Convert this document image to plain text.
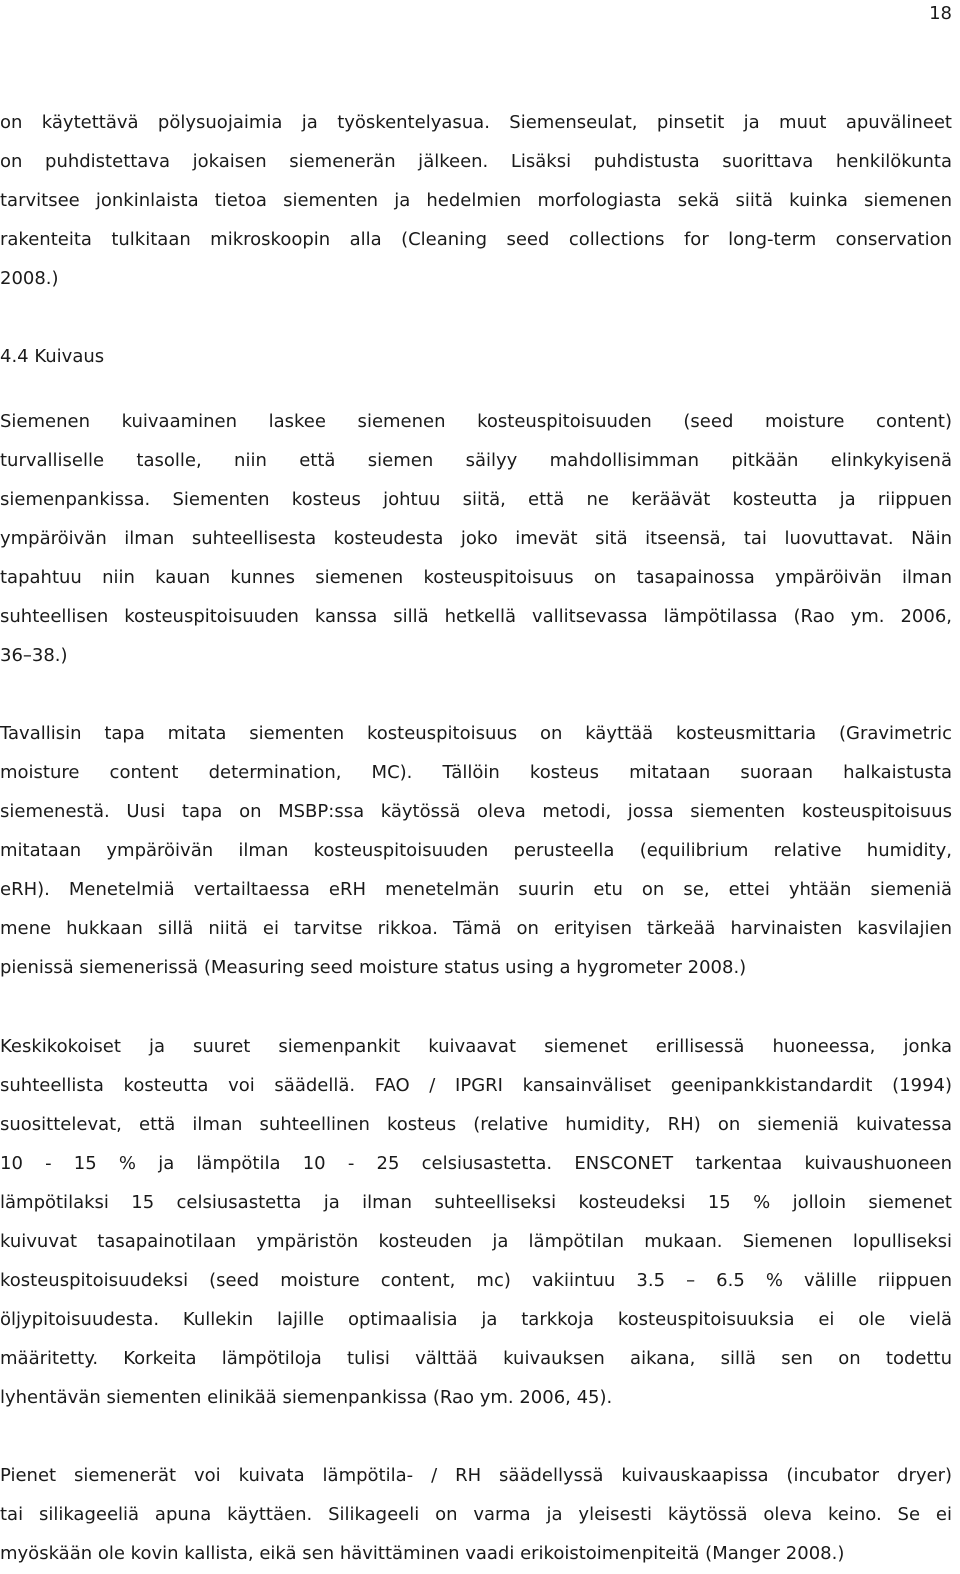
18
on käytettävä pölysuojaimia ja työskentelyasua. Siemenseulat, pinsetit ja muut apuvälineet
on puhdistettava jokaisen siemenerän jälkeen. Lisäksi puhdistusta suorittava henkilökunta
tarvitsee jonkinlaista tietoa siementen ja hedelmien morfologiasta sekä siitä kuinka siemenen
rakenteita tulkitaan mikroskoopin alla (Cleaning seed collections for long-term conservation
2008.)
4.4 Kuivaus
Siemenen kuivaaminen laskee siemenen kosteuspitoisuuden (seed moisture content)
turvalliselle tasolle, niin että siemen säilyy mahdollisimman pitkään elinkykyisenä
siemenpankissa. Siementen kosteus johtuu siitä, että ne keräävät kosteutta ja riippuen
ympäröivän ilman suhteellisesta kosteudesta joko imevät sitä itseensä, tai luovuttavat. Näin
tapahtuu niin kauan kunnes siemenen kosteuspitoisuus on tasapainossa ympäröivän ilman
suhteellisen kosteuspitoisuuden kanssa sillä hetkellä vallitsevassa lämpötilassa (Rao ym. 2006,
36–38.)
Tavallisin tapa mitata siementen kosteuspitoisuus on käyttää kosteusmittaria (Gravimetric
moisture content determination, MC). Tällöin kosteus mitataan suoraan halkaistusta
siemenestä. Uusi tapa on MSBP:ssa käytössä oleva metodi, jossa siementen kosteuspitoisuus
mitataan ympäröivän ilman kosteuspitoisuuden perusteella (equilibrium relative humidity,
eRH). Menetelmiä vertailtaessa eRH menetelmän suurin etu on se, ettei yhtään siemeniä
mene hukkaan sillä niitä ei tarvitse rikkoa. Tämä on erityisen tärkeää harvinaisten kasvilajien
pienissä siemenerissä (Measuring seed moisture status using a hygrometer 2008.)
Keskikokoiset ja suuret siemenpankit kuivaavat siemenet erillisessä huoneessa, jonka
suhteellista kosteutta voi säädellä. FAO / IPGRI kansainväliset geenipankkistandardit (1994)
suosittelevat, että ilman suhteellinen kosteus (relative humidity, RH) on siemeniä kuivatessa
10 - 15 % ja lämpötila 10 - 25 celsiusastetta. ENSCONET tarkentaa kuivaushuoneen
lämpötilaksi 15 celsiusastetta ja ilman suhteelliseksi kosteudeksi 15 % jolloin siemenet
kuivuvat tasapainotilaan ympäristön kosteuden ja lämpötilan mukaan. Siemenen lopulliseksi
kosteuspitoisuudeksi (seed moisture content, mc) vakiintuu 3.5 – 6.5 % välille riippuen
öljypitoisuudesta. Kullekin lajille optimaalisia ja tarkkoja kosteuspitoisuuksia ei ole vielä
määritetty. Korkeita lämpötiloja tulisi välttää kuivauksen aikana, sillä sen on todettu
lyhentävän siementen elinikää siemenpankissa (Rao ym. 2006, 45).
Pienet siemenerät voi kuivata lämpötila- / RH säädellyssä kuivauskaapissa (incubator dryer)
tai silikageeliä apuna käyttäen. Silikageeli on varma ja yleisesti käytössä oleva keino. Se ei
myöskään ole kovin kallista, eikä sen hävittäminen vaadi erikoistoimenpiteitä (Manger 2008.)
